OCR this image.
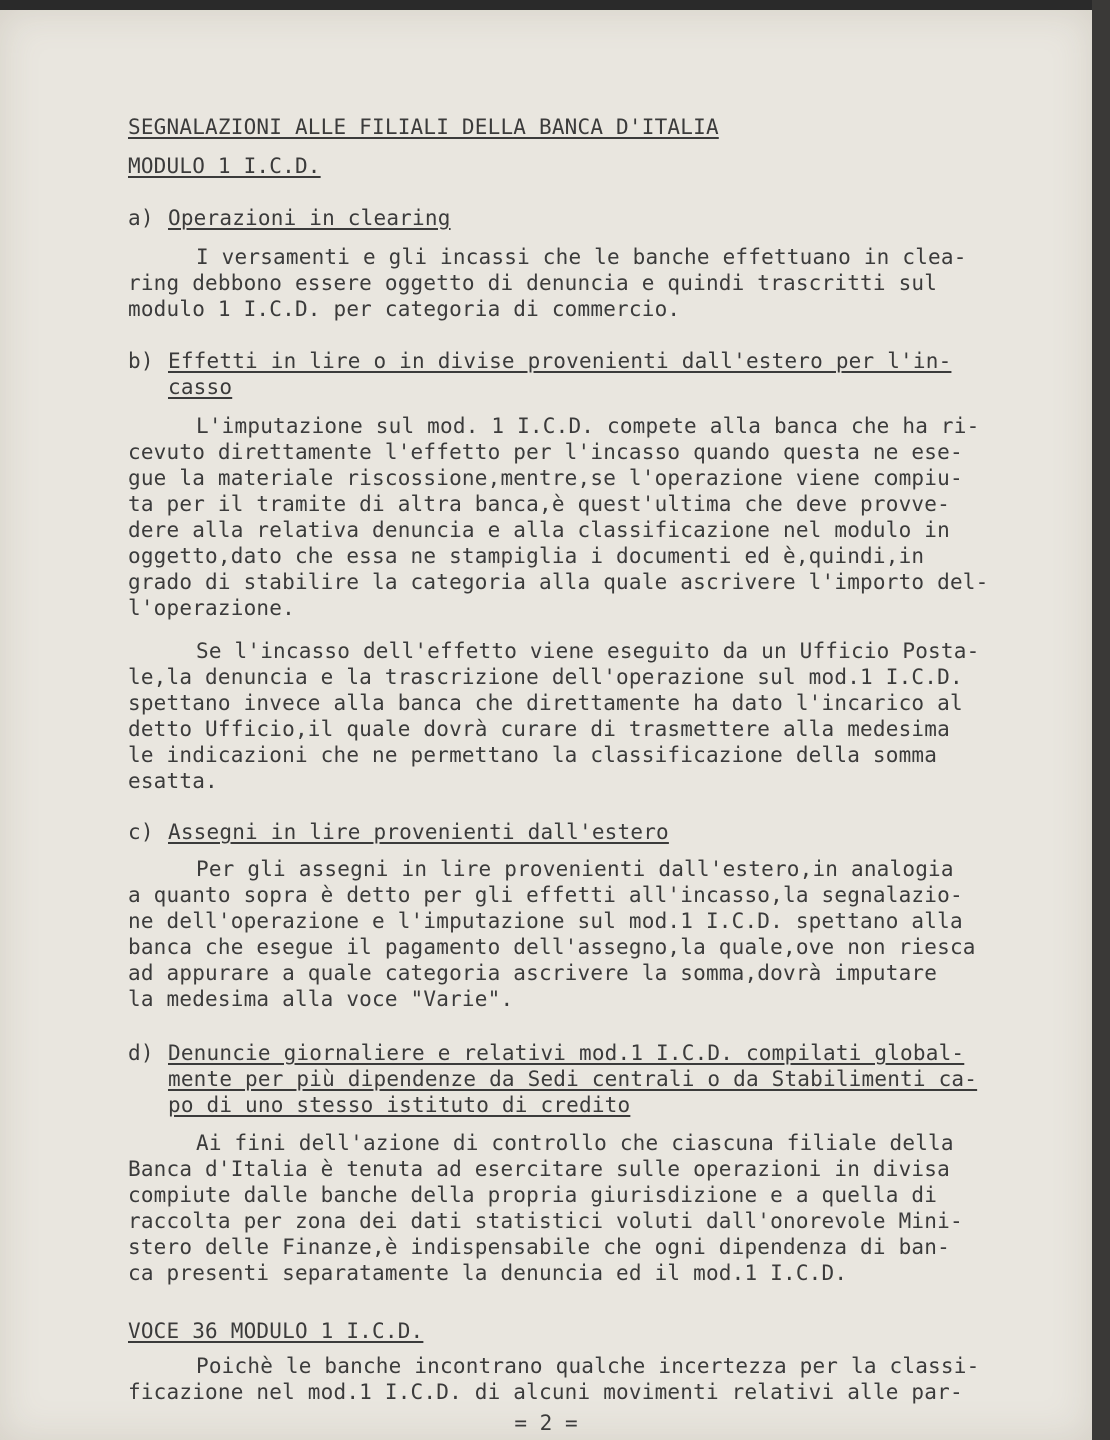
SEGNALAZIONI ALLE FILIALI DELLA BANCA D'ITALIA
MODULO 1 I.C.D.
a) Operazioni in clearing
I versamenti e gli incassi che le banche effettuano in clea-
ring debbono essere oggetto di denuncia e quindi trascritti sul
modulo 1 I.C.D. per categoria di commercio.
b) Effetti in lire o in divise provenienti dall'estero per l'in-
casso
L'imputazione sul mod. 1 I.C.D. compete alla banca che ha ri-
cevuto direttamente l'effetto per l'incasso quando questa ne ese-
gue la materiale riscossione,mentre,se l'operazione viene compiu-
ta per il tramite di altra banca,è quest'ultima che deve provve-
dere alla relativa denuncia e alla classificazione nel modulo in
oggetto,dato che essa ne stampiglia i documenti ed è,quindi,in
grado di stabilire la categoria alla quale ascrivere l'importo del-
l'operazione.
Se l'incasso dell'effetto viene eseguito da un Ufficio Posta-
le,la denuncia e la trascrizione dell'operazione sul mod.1 I.C.D.
spettano invece alla banca che direttamente ha dato l'incarico al
detto Ufficio,il quale dovrà curare di trasmettere alla medesima
le indicazioni che ne permettano la classificazione della somma
esatta.
c) Assegni in lire provenienti dall'estero
Per gli assegni in lire provenienti dall'estero,in analogia
a quanto sopra è detto per gli effetti all'incasso,la segnalazio-
ne dell'operazione e l'imputazione sul mod.1 I.C.D. spettano alla
banca che esegue il pagamento dell'assegno,la quale,ove non riesca
ad appurare a quale categoria ascrivere la somma,dovrà imputare
la medesima alla voce "Varie".
d) Denuncie giornaliere e relativi mod.1 I.C.D. compilati global-
mente per più dipendenze da Sedi centrali o da Stabilimenti ca-
po di uno stesso istituto di credito
Ai fini dell'azione di controllo che ciascuna filiale della
Banca d'Italia è tenuta ad esercitare sulle operazioni in divisa
compiute dalle banche della propria giurisdizione e a quella di
raccolta per zona dei dati statistici voluti dall'onorevole Mini-
stero delle Finanze,è indispensabile che ogni dipendenza di ban-
ca presenti separatamente la denuncia ed il mod.1 I.C.D.
VOCE 36 MODULO 1 I.C.D.
Poichè le banche incontrano qualche incertezza per la classi-
ficazione nel mod.1 I.C.D. di alcuni movimenti relativi alle par-
= 2 =
